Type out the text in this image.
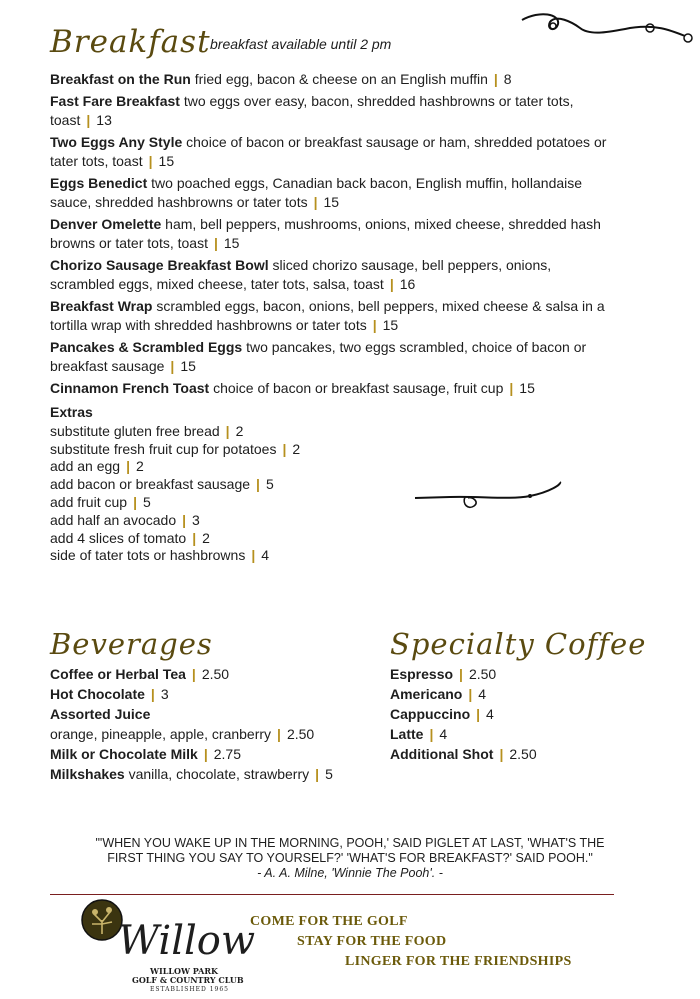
Breakfast breakfast available until 2 pm
Breakfast on the Run fried egg, bacon & cheese on an English muffin | 8
Fast Fare Breakfast two eggs over easy, bacon, shredded hashbrowns or tater tots, toast | 13
Two Eggs Any Style choice of bacon or breakfast sausage or ham, shredded potatoes or tater tots, toast | 15
Eggs Benedict two poached eggs, Canadian back bacon, English muffin, hollandaise sauce, shredded hashbrowns or tater tots | 15
Denver Omelette ham, bell peppers, mushrooms, onions, mixed cheese, shredded hash browns or tater tots, toast | 15
Chorizo Sausage Breakfast Bowl sliced chorizo sausage, bell peppers, onions, scrambled eggs, mixed cheese, tater tots, salsa, toast | 16
Breakfast Wrap scrambled eggs, bacon, onions, bell peppers, mixed cheese & salsa in a tortilla wrap with shredded hashbrowns or tater tots | 15
Pancakes & Scrambled Eggs two pancakes, two eggs scrambled, choice of bacon or breakfast sausage | 15
Cinnamon French Toast choice of bacon or breakfast sausage, fruit cup | 15
Extras
substitute gluten free bread | 2
substitute fresh fruit cup for potatoes | 2
add an egg | 2
add bacon or breakfast sausage | 5
add fruit cup | 5
add half an avocado | 3
add 4 slices of tomato | 2
side of tater tots or hashbrowns | 4
Beverages
Coffee or Herbal Tea | 2.50
Hot Chocolate | 3
Assorted Juice
orange, pineapple, apple, cranberry | 2.50
Milk or Chocolate Milk | 2.75
Milkshakes vanilla, chocolate, strawberry | 5
Specialty Coffee
Espresso | 2.50
Americano | 4
Cappuccino | 4
Latte | 4
Additional Shot | 2.50
"'WHEN YOU WAKE UP IN THE MORNING, POOH,' SAID PIGLET AT LAST, 'WHAT'S THE
FIRST THING YOU SAY TO YOURSELF?' 'WHAT'S FOR BREAKFAST?' SAID POOH."
- A. A. Milne, 'Winnie The Pooh'. -
Willow
WILLOW PARK
GOLF & COUNTRY CLUB
ESTABLISHED 1965
COME FOR THE GOLF
STAY FOR THE FOOD
LINGER FOR THE FRIENDSHIPS
